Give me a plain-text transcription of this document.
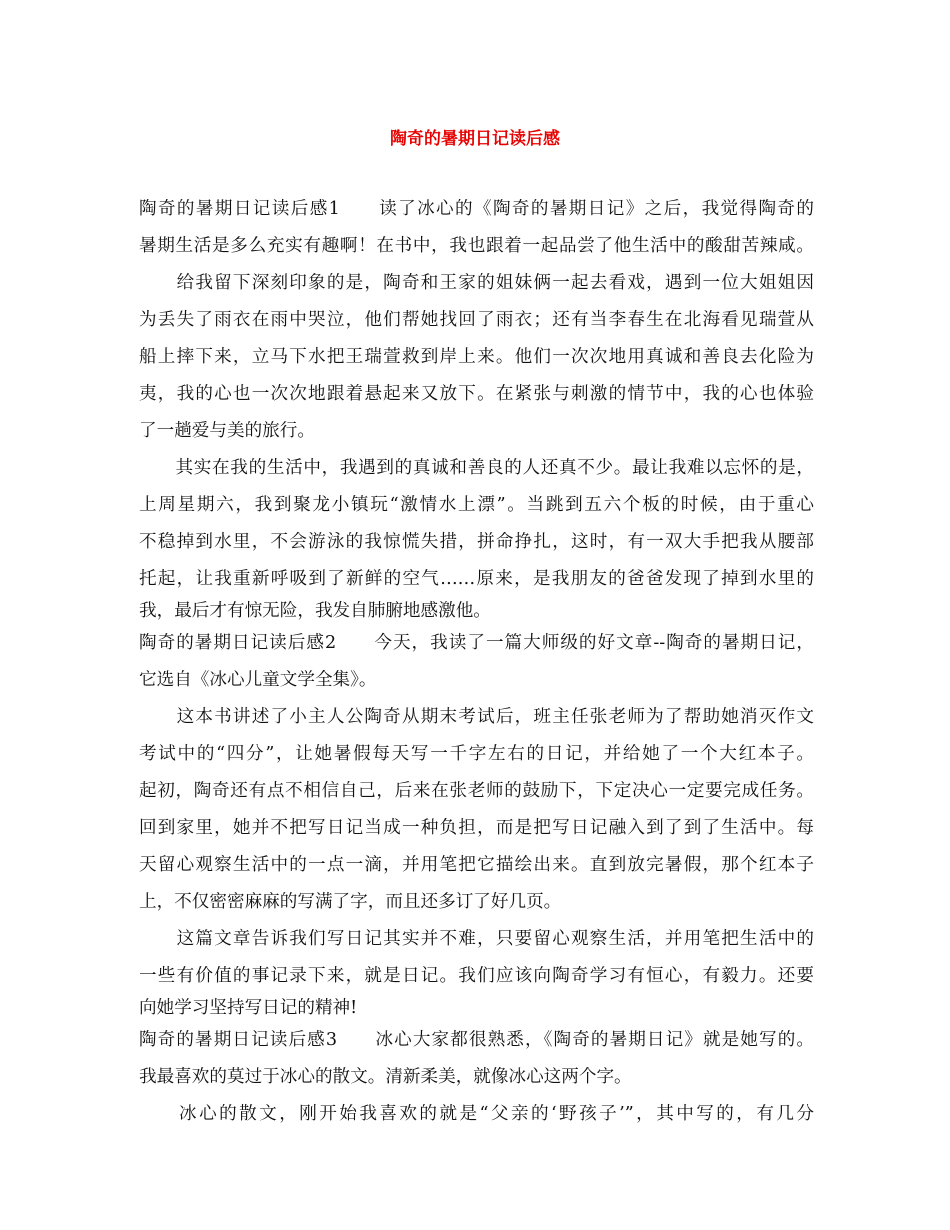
陶奇的暑期日记读后感
陶奇的暑期日记读后感1　　读了冰心的《陶奇的暑期日记》之后，我觉得陶奇的
暑期生活是多么充实有趣啊！在书中，我也跟着一起品尝了他生活中的酸甜苦辣咸。
　　给我留下深刻印象的是，陶奇和王家的姐妹俩一起去看戏，遇到一位大姐姐因
为丢失了雨衣在雨中哭泣，他们帮她找回了雨衣；还有当李春生在北海看见瑞萱从
船上摔下来，立马下水把王瑞萱救到岸上来。他们一次次地用真诚和善良去化险为
夷，我的心也一次次地跟着悬起来又放下。在紧张与刺激的情节中，我的心也体验
了一趟爱与美的旅行。
　　其实在我的生活中，我遇到的真诚和善良的人还真不少。最让我难以忘怀的是，
上周星期六，我到聚龙小镇玩“激情水上漂”。当跳到五六个板的时候，由于重心
不稳掉到水里，不会游泳的我惊慌失措，拼命挣扎，这时，有一双大手把我从腰部
托起，让我重新呼吸到了新鲜的空气……原来，是我朋友的爸爸发现了掉到水里的
我，最后才有惊无险，我发自肺腑地感激他。
陶奇的暑期日记读后感2　　今天，我读了一篇大师级的好文章--陶奇的暑期日记，
它选自《冰心儿童文学全集》。
　　这本书讲述了小主人公陶奇从期末考试后，班主任张老师为了帮助她消灭作文
考试中的“四分”，让她暑假每天写一千字左右的日记，并给她了一个大红本子。
起初，陶奇还有点不相信自己，后来在张老师的鼓励下，下定决心一定要完成任务。
回到家里，她并不把写日记当成一种负担，而是把写日记融入到了到了生活中。每
天留心观察生活中的一点一滴，并用笔把它描绘出来。直到放完暑假，那个红本子
上，不仅密密麻麻的写满了字，而且还多订了好几页。
　　这篇文章告诉我们写日记其实并不难，只要留心观察生活，并用笔把生活中的
一些有价值的事记录下来，就是日记。我们应该向陶奇学习有恒心，有毅力。还要
向她学习坚持写日记的精神!
陶奇的暑期日记读后感3　　冰心大家都很熟悉，《陶奇的暑期日记》就是她写的。
我最喜欢的莫过于冰心的散文。清新柔美，就像冰心这两个字。
　　冰心的散文，刚开始我喜欢的就是“父亲的‘野孩子’”，其中写的，有几分
